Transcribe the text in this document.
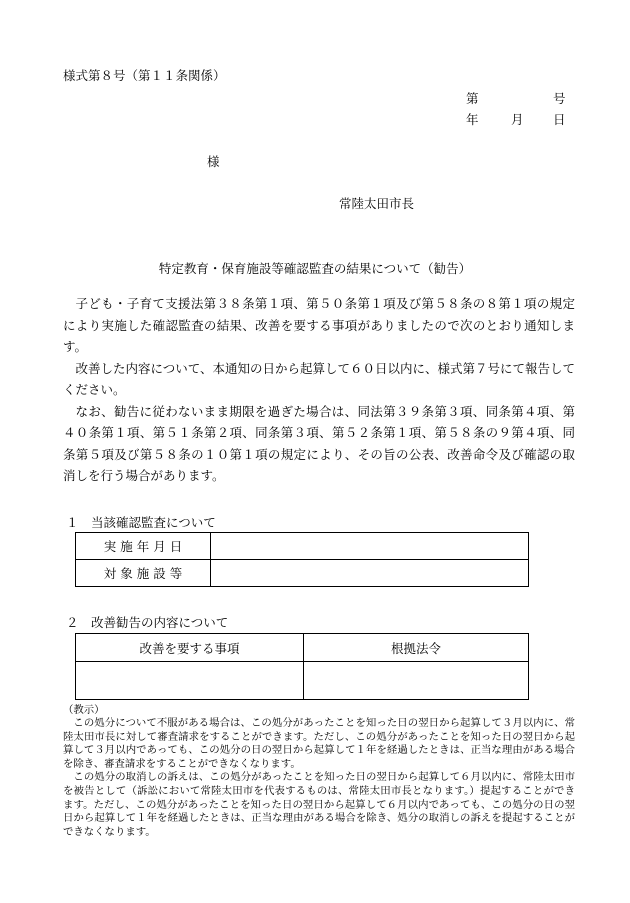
様式第８号（第１１条関係）
第	号
年	月 日
様
常陸太田市長
特定教育・保育施設等確認監査の結果について（勧告）

子ども・子育て支援法第３８条第１項、第５０条第１項及び第５８条の８第１項の規定により実施した確認監査の結果、改善を要する事項がありましたので次のとおり通知します。

改善した内容について、本通知の日から起算して６０日以内に、様式第７号にて報告してください。

なお、勧告に従わないまま期限を過ぎた場合は、同法第３９条第３項、同条第４項、第４０条第１項、第５１条第２項、同条第３項、第５２条第１項、第５８条の９第４項、同条第５項及び第５８条の１０第１項の規定により、その旨の公表、改善命令及び確認の取消しを行う場合があります。

１　当該確認監査について
実 施 年 月 日	
対 象 施 設 等	
２　改善勧告の内容について
改善を要する事項	根拠法令

（教示）

この処分について不服がある場合は、この処分があったことを知った日の翌日から起算して３月以内に、常陸太田市長に対して審査請求をすることができます。ただし、この処分があったことを知った日の翌日から起算して３月以内であっても、この処分の日の翌日から起算して１年を経過したときは、正当な理由がある場合を除き、審査請求をすることができなくなります。

この処分の取消しの訴えは、この処分があったことを知った日の翌日から起算して６月以内に、常陸太田市を被告として（訴訟において常陸太田市を代表するものは、常陸太田市長となります。）提起することができます。ただし、この処分があったことを知った日の翌日から起算して６月以内であっても、この処分の日の翌日から起算して１年を経過したときは、正当な理由がある場合を除き、処分の取消しの訴えを提起することができなくなります。
